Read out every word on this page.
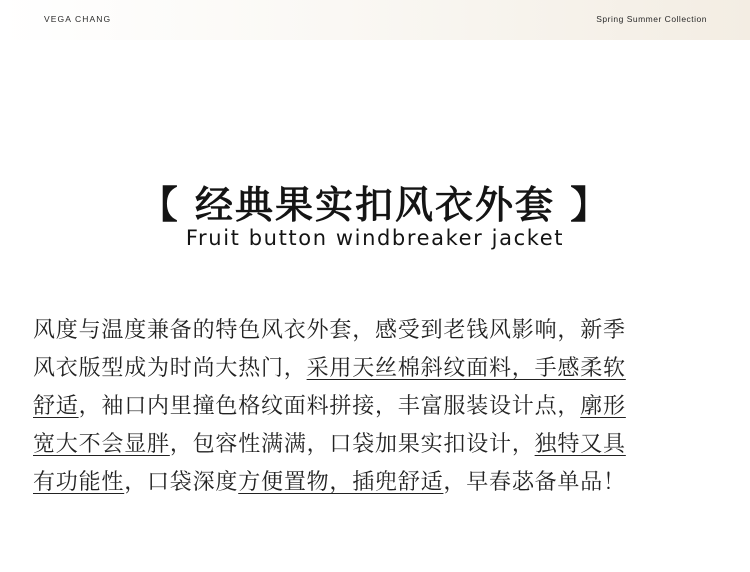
VEGA CHANG	Spring Summer Collection
【 经典果实扣风衣外套 】
Fruit button windbreaker jacket
风度与温度兼备的特色风衣外套，感受到老钱风影响，新季
风衣版型成为时尚大热门，采用天丝棉斜纹面料，手感柔软
舒适，袖口内里撞色格纹面料拼接，丰富服装设计点，廓形
宽大不会显胖，包容性满满，口袋加果实扣设计，独特又具
有功能性，口袋深度方便置物，插兜舒适，早春苾备单品！
